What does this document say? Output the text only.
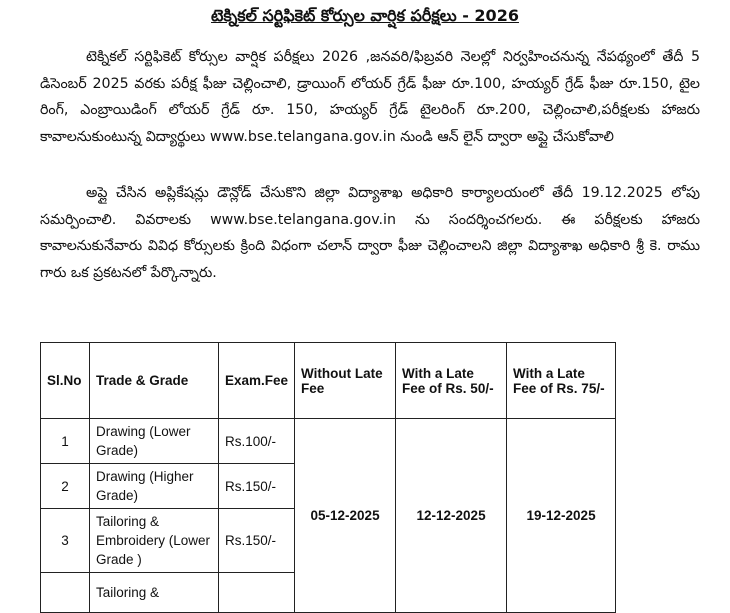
టెక్నికల్ సర్టిఫికెట్ కోర్సుల వార్షిక పరీక్షలు - 2026

టెక్నికల్ సర్టిఫికెట్ కోర్సుల వార్షిక పరీక్షలు 2026 ,జనవరి/ఫిబ్రవరి నెలల్లో నిర్వహించనున్న నేపథ్యంలో తేదీ 5 డిసెంబర్ 2025 వరకు పరీక్ష ఫీజు చెల్లించాలి, డ్రాయింగ్ లోయర్ గ్రేడ్ ఫీజు రూ.100, హయ్యర్ గ్రేడ్ ఫీజు రూ.150, టైల రింగ్, ఎంబ్రాయిడింగ్ లోయర్ గ్రేడ్ రూ. 150, హయ్యర్ గ్రేడ్ టైలరింగ్ రూ.200, చెల్లించాలి,పరీక్షలకు హాజరు కావాలనుకుంటున్న విద్యార్థులు www.bse.telangana.gov.in నుండి ఆన్ లైన్ ద్వారా అప్లై చేసుకోవాలి

అప్లై చేసిన అప్లికేషన్లు డౌన్లోడ్ చేసుకొని జిల్లా విద్యాశాఖ అధికారి కార్యాలయంలో తేదీ 19.12.2025 లోపు సమర్పించాలి. వివరాలకు www.bse.telangana.gov.in ను సందర్శించగలరు. ఈ పరీక్షలకు హాజరు కావాలనుకునేవారు వివిధ కోర్సులకు క్రింది విధంగా చలాన్ ద్వారా ఫీజు చెల్లించాలని జిల్లా విద్యాశాఖ అధికారి శ్రీ కె. రాము గారు ఒక ప్రకటనలో పేర్కొన్నారు.

Sl.No	Trade & Grade	Exam.Fee	Without Late Fee	With a Late Fee of Rs. 50/-	With a Late Fee of Rs. 75/-
1	Drawing (Lower Grade)	Rs.100/-	05-12-2025	12-12-2025	19-12-2025
2	Drawing (Higher Grade)	Rs.150/-			
3	Tailoring & Embroidery (Lower Grade )	Rs.150/-			
	Tailoring &				
